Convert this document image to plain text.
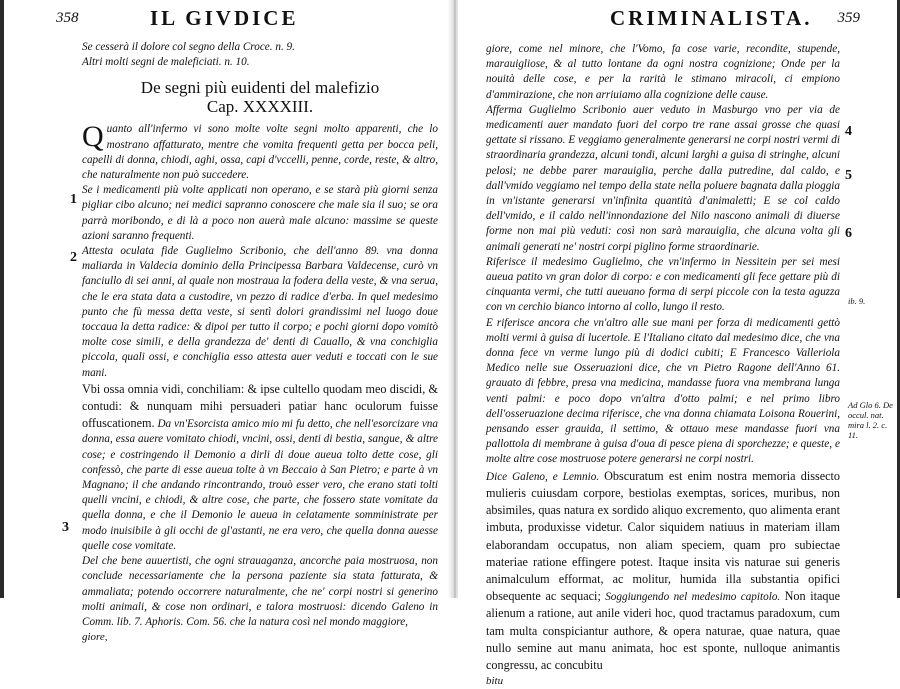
358	IL GIVDICE
1
2
3

Se cesserà il dolore col segno della Croce. n. 9.

Altri molti segni de maleficiati. n. 10.

De segni più euidenti del malefizio
Cap. XXXXIII.

Quanto all'infermo vi sono molte volte segni molto apparenti, che lo mostrano affatturato, mentre che vomita frequenti getta per bocca peli, capelli di donna, chiodi, aghi, ossa, capi d'vccelli, penne, corde, reste, & altro, che naturalmente non può succedere.

Se i medicamenti più volte applicati non operano, e se starà più giorni senza pigliar cibo alcuno; nei medici sapranno conoscere che male sia il suo; se ora parrà moribondo, e di là a poco non auerà male alcuno: massime se queste azioni saranno frequenti.

Attesta oculata fide Guglielmo Scribonio, che dell'anno 89. vna donna maliarda in Valdecia dominio della Principessa Barbara Valdecense, curò vn fanciullo di sei anni, al quale non mostraua la fodera della veste, & vna serua, che le era stata data a custodire, vn pezzo di radice d'erba. In quel medesimo punto che fù messa detta veste, si sentì dolori grandissimi nel luogo doue toccaua la detta radice: & dipoi per tutto il corpo; e pochi giorni dopo vomitò molte cose simili, e della grandezza de' denti di Cauallo, & vna conchiglia piccola, quali ossi, e conchiglia esso attesta auer veduti e toccati con le sue mani.

Vbi ossa omnia vidi, conchiliam: & ipse cultello quodam meo discidi, & contudi: & nunquam mihi persuaderi patiar hanc oculorum fuisse offuscationem. Da vn'Esorcista amico mio mi fu detto, che nell'esorcizare vna donna, essa auere vomitato chiodi, vncini, ossi, denti di bestia, sangue, & altre cose; e costringendo il Demonio a dirli di doue aueua tolto dette cose, gli confessò, che parte di esse aueua tolte à vn Beccaio à San Pietro; e parte à vn Magnano; il che andando rincontrando, trouò esser vero, che erano stati tolti quelli vncini, e chiodi, & altre cose, che parte, che fossero state vomitate da quella donna, e che il Demonio le aueua in celatamente somministrate per modo inuisibile à gli occhi de gl'astanti, ne era vero, che quella donna auesse quelle cose vomitate.

Del che bene auuertisti, che ogni strauaganza, ancorche paia mostruosa, non conclude necessariamente che la persona paziente sia stata fatturata, & ammaliata; potendo occorrere naturalmente, che ne' corpi nostri si generino molti animali, & cose non ordinari, e talora mostruosi: dicendo Galeno in Comm. lib. 7. Aphoris. Com. 56. che la natura così nel mondo maggiore,

giore,

CRIMINALISTA. 359
4
5
6
ib. 9.
Ad Glo 6. De occul. nat. mira l. 2. c. 11.

giore, come nel minore, che l'Vomo, fa cose varie, recondite, stupende, marauigliose, & al tutto lontane da ogni nostra cognizione; Onde per la nouità delle cose, e per la rarità le stimano miracoli, ci empiono d'ammirazione, che non arriuiamo alla cognizione delle cause.

Afferma Guglielmo Scribonio auer veduto in Masburgo vno per via de medicamenti auer mandato fuori del corpo tre rane assai grosse che quasi gettate si rissano. E veggiamo generalmente generarsi ne corpi nostri vermi di straordinaria grandezza, alcuni tondi, alcuni larghi a guisa di stringhe, alcuni pelosi; ne debbe parer marauiglia, perche dalla putredine, dal caldo, e dall'vmido veggiamo nel tempo della state nella poluere bagnata dalla pioggia in vn'istante generarsi vn'infinita quantità d'animaletti; E se col caldo dell'vmido, e il caldo nell'innondazione del Nilo nascono animali di diuerse forme non mai più veduti: così non sarà marauiglia, che alcuna volta gli animali generati ne' nostri corpi piglino forme straordinarie.

Riferisce il medesimo Guglielmo, che vn'infermo in Nessitein per sei mesi aueua patito vn gran dolor di corpo: e con medicamenti gli fece gettare più di cinquanta vermi, che tutti aueuano forma di serpi piccole con la testa aguzza con vn cerchio bianco intorno al collo, lungo il resto.

E riferisce ancora che vn'altro alle sue mani per forza di medicamenti gettò molti vermi à guisa di lucertole. E l'Italiano citato dal medesimo dice, che vna donna fece vn verme lungo più di dodici cubiti; E Francesco Valleriola Medico nelle sue Osseruazioni dice, che vn Pietro Ragone dell'Anno 61. grauato di febbre, presa vna medicina, mandasse fuora vna membrana lunga venti palmi: e poco dopo vn'altra d'otto palmi; e nel primo libro dell'osseruazione decima riferisce, che vna donna chiamata Loisona Rouerini, pensando esser grauida, il settimo, & ottauo mese mandasse fuori vna pallottola di membrane à guisa d'oua di pesce piena di sporchezze; e queste, e molte altre cose mostruose potere generarsi ne corpi nostri.

Dice Galeno, e Lemnio. Obscuratum est enim nostra memoria dissecto mulieris cuiusdam corpore, bestiolas exemptas, sorices, muribus, non absimiles, quas natura ex sordido aliquo excremento, quo alimenta erant imbuta, produxisse videtur. Calor siquidem natiuus in materiam illam elaborandam occupatus, non aliam speciem, quam pro subiectae materiae ratione effingere potest. Itaque insita vis naturae sui generis animalculum efformat, ac molitur, humida illa substantia opifici obsequente ac sequaci; Soggiungendo nel medesimo capitolo. Non itaque alienum a ratione, aut anile videri hoc, quod tractamus paradoxum, cum tam multa conspiciantur authore, & opera naturae, quae natura, quae nullo semine aut manu animata, hoc est sponte, nulloque animantis congressu, ac concubitu

bitu
